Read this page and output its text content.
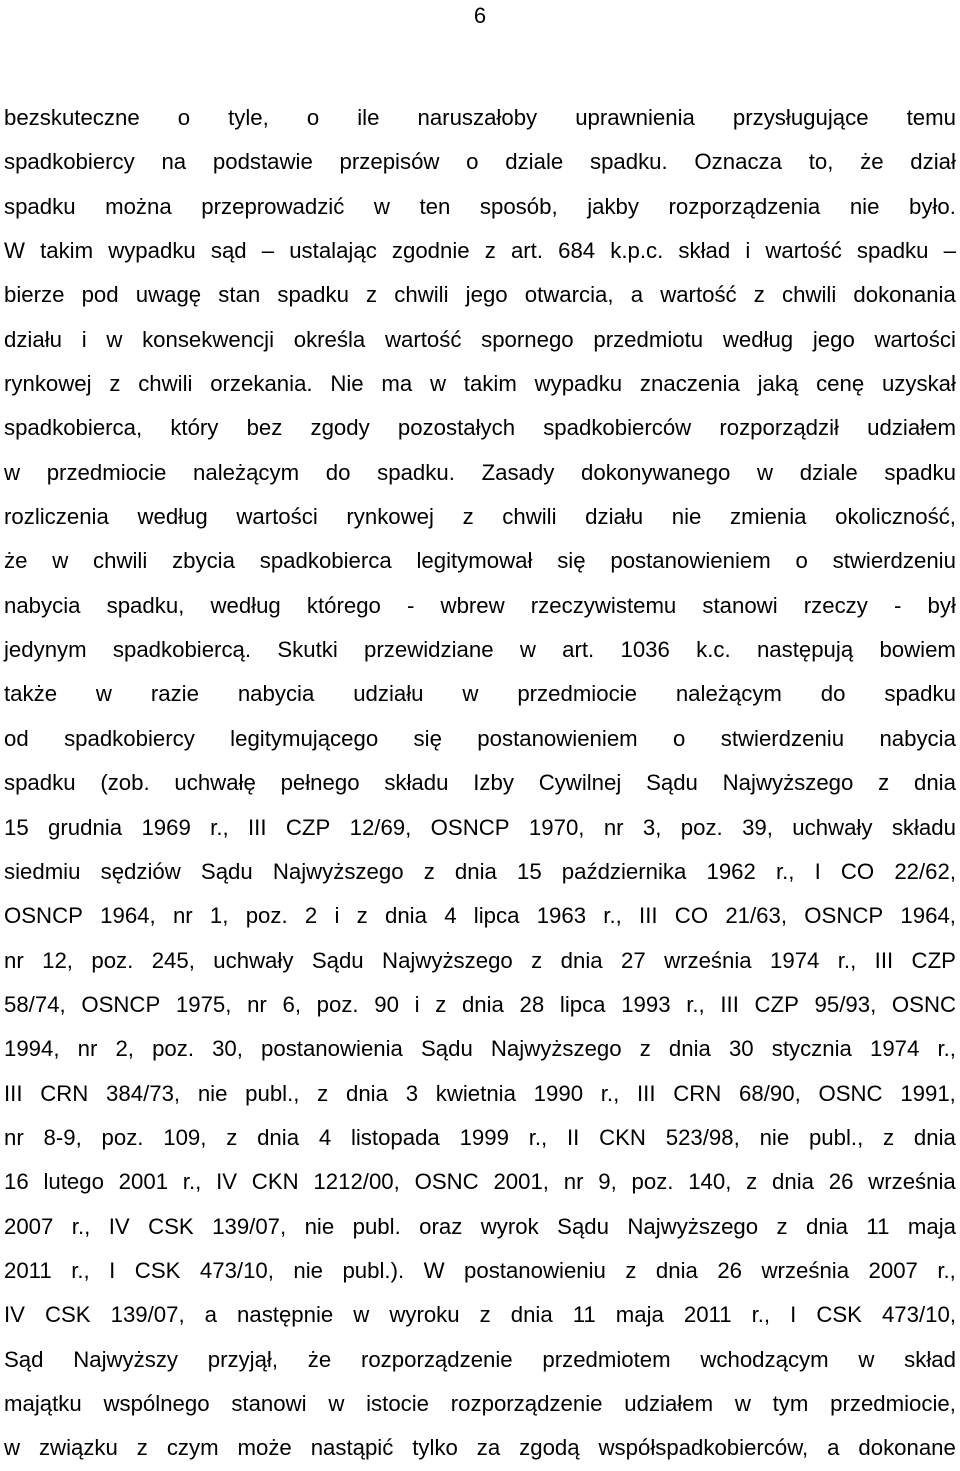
6
bezskuteczne o tyle, o ile naruszałoby uprawnienia przysługujące temu
spadkobiercy na podstawie przepisów o dziale spadku. Oznacza to, że dział
spadku można przeprowadzić w ten sposób, jakby rozporządzenia nie było.
W takim wypadku sąd – ustalając zgodnie z art. 684 k.p.c. skład i wartość spadku –
bierze pod uwagę stan spadku z chwili jego otwarcia, a wartość z chwili dokonania
działu i w konsekwencji określa wartość spornego przedmiotu według jego wartości
rynkowej z chwili orzekania. Nie ma w takim wypadku znaczenia jaką cenę uzyskał
spadkobierca, który bez zgody pozostałych spadkobierców rozporządził udziałem
w przedmiocie należącym do spadku. Zasady dokonywanego w dziale spadku
rozliczenia według wartości rynkowej z chwili działu nie zmienia okoliczność,
że w chwili zbycia spadkobierca legitymował się postanowieniem o stwierdzeniu
nabycia spadku, według którego - wbrew rzeczywistemu stanowi rzeczy - był
jedynym spadkobiercą. Skutki przewidziane w art. 1036 k.c. następują bowiem
także w razie nabycia udziału w przedmiocie należącym do spadku
od spadkobiercy legitymującego się postanowieniem o stwierdzeniu nabycia
spadku (zob. uchwałę pełnego składu Izby Cywilnej Sądu Najwyższego z dnia
15 grudnia 1969 r., III CZP 12/69, OSNCP 1970, nr 3, poz. 39, uchwały składu
siedmiu sędziów Sądu Najwyższego z dnia 15 października 1962 r., I CO 22/62,
OSNCP 1964, nr 1, poz. 2 i z dnia 4 lipca 1963 r., III CO 21/63, OSNCP 1964,
nr 12, poz. 245, uchwały Sądu Najwyższego z dnia 27 września 1974 r., III CZP
58/74, OSNCP 1975, nr 6, poz. 90 i z dnia 28 lipca 1993 r., III CZP 95/93, OSNC
1994, nr 2, poz. 30, postanowienia Sądu Najwyższego z dnia 30 stycznia 1974 r.,
III CRN 384/73, nie publ., z dnia 3 kwietnia 1990 r., III CRN 68/90, OSNC 1991,
nr 8-9, poz. 109, z dnia 4 listopada 1999 r., II CKN 523/98, nie publ., z dnia
16 lutego 2001 r., IV CKN 1212/00, OSNC 2001, nr 9, poz. 140, z dnia 26 września
2007 r., IV CSK 139/07, nie publ. oraz wyrok Sądu Najwyższego z dnia 11 maja
2011 r., I CSK 473/10, nie publ.). W postanowieniu z dnia 26 września 2007 r.,
IV CSK 139/07, a następnie w wyroku z dnia 11 maja 2011 r., I CSK 473/10,
Sąd Najwyższy przyjął, że rozporządzenie przedmiotem wchodzącym w skład
majątku wspólnego stanowi w istocie rozporządzenie udziałem w tym przedmiocie,
w związku z czym może nastąpić tylko za zgodą współspadkobierców, a dokonane
